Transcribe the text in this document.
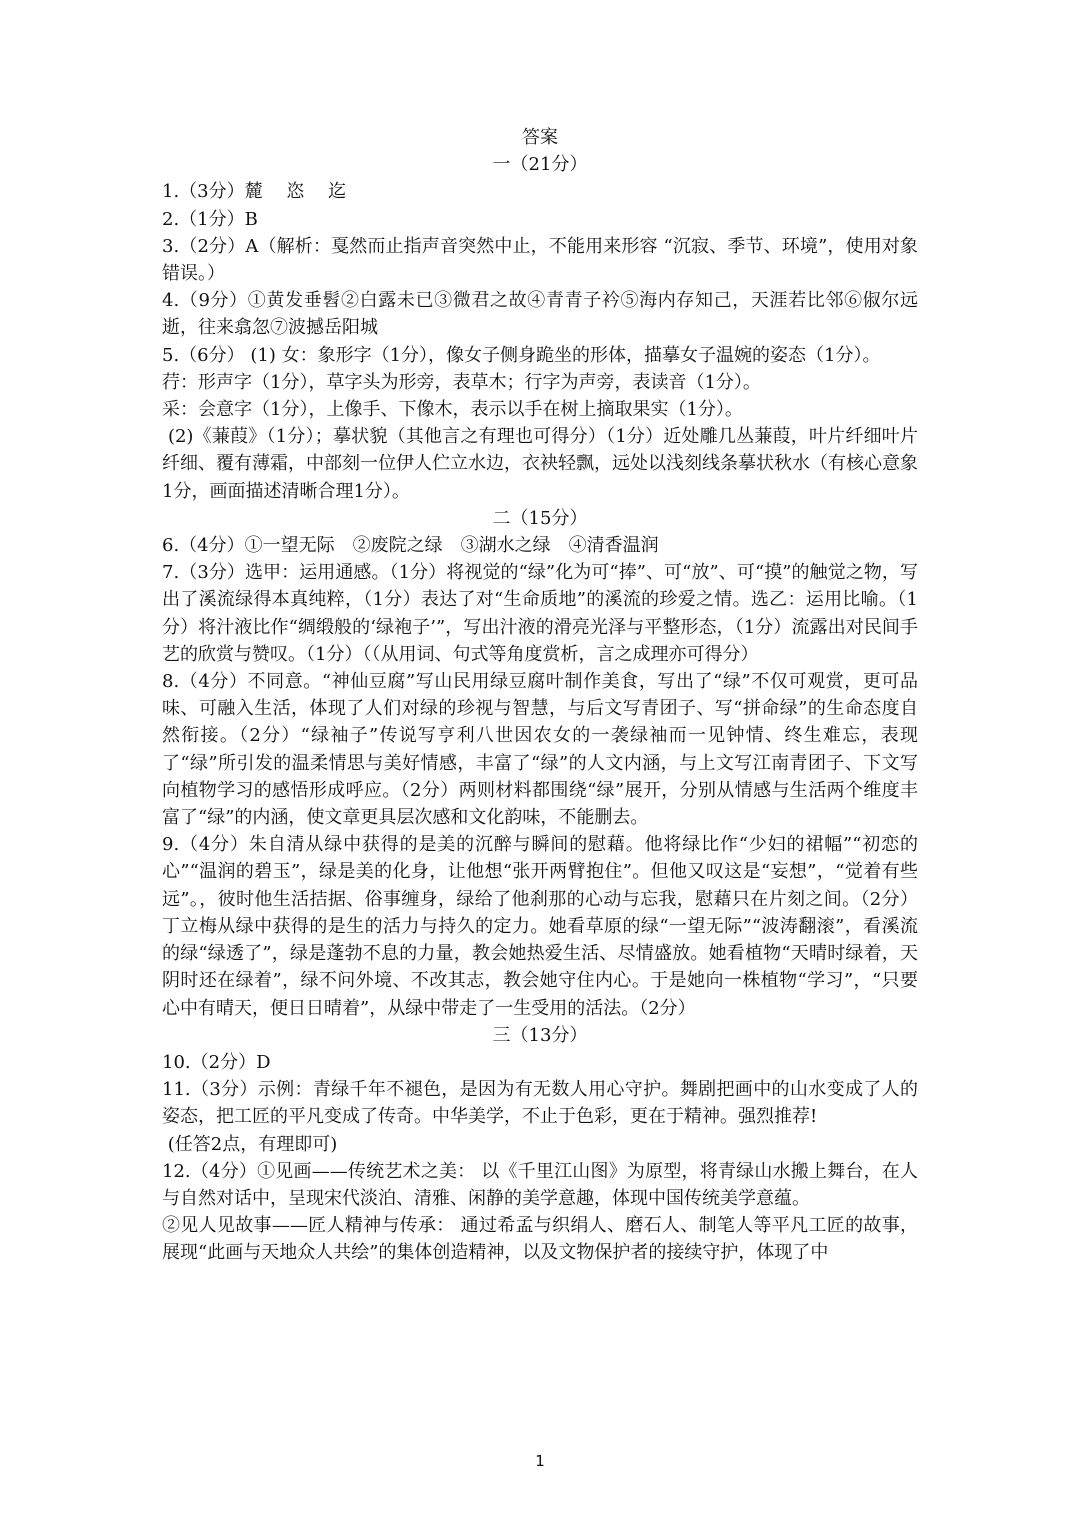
答案
一（21分）
1.（3分）麓　 恣　 迄
2.（1分）B
3.（2分）A（解析：戛然而止指声音突然中止，不能用来形容 “沉寂、季节、环境”，使用对象错误。）
4.（9分）①黄发垂髫②白露未已③微君之故④青青子衿⑤海内存知己，天涯若比邻⑥俶尔远逝，往来翕忽⑦波撼岳阳城
5.（6分） (1) 女：象形字（1分），像女子侧身跪坐的形体，描摹女子温婉的姿态（1分）。
荇：形声字（1分），草字头为形旁，表草木；行字为声旁，表读音（1分）。
采：会意字（1分），上像手、下像木，表示以手在树上摘取果实（1分）。
(2)《蒹葭》（1分）；摹状貌（其他言之有理也可得分）（1分）近处雕几丛蒹葭，叶片纤细叶片纤细、覆有薄霜，中部刻一位伊人伫立水边，衣袂轻飘，远处以浅刻线条摹状秋水（有核心意象1分，画面描述清晰合理1分）。
二（15分）
6.（4分）①一望无际　②废院之绿　③湖水之绿　④清香温润
7.（3分）选甲：运用通感。（1分）将视觉的“绿”化为可“捧”、可“放”、可“摸”的触觉之物，写出了溪流绿得本真纯粹，（1分）表达了对“生命质地”的溪流的珍爱之情。选乙：运用比喻。（1分）将汁液比作“绸缎般的‘绿袍子’”，写出汁液的滑亮光泽与平整形态，（1分）流露出对民间手艺的欣赏与赞叹。（1分）（（从用词、句式等角度赏析，言之成理亦可得分）
8.（4分）不同意。“神仙豆腐”写山民用绿豆腐叶制作美食，写出了“绿”不仅可观赏，更可品味、可融入生活，体现了人们对绿的珍视与智慧，与后文写青团子、写“拼命绿”的生命态度自然衔接。（2分）“绿袖子”传说写亨利八世因农女的一袭绿袖而一见钟情、终生难忘，表现了“绿”所引发的温柔情思与美好情感，丰富了“绿”的人文内涵，与上文写江南青团子、下文写向植物学习的感悟形成呼应。（2分）两则材料都围绕“绿”展开，分别从情感与生活两个维度丰富了“绿”的内涵，使文章更具层次感和文化韵味，不能删去。
9.（4分）朱自清从绿中获得的是美的沉醉与瞬间的慰藉。他将绿比作“少妇的裙幅”“初恋的心”“温润的碧玉”，绿是美的化身，让他想“张开两臂抱住”。但他又叹这是“妄想”，“觉着有些远”。，彼时他生活拮据、俗事缠身，绿给了他刹那的心动与忘我，慰藉只在片刻之间。（2分）丁立梅从绿中获得的是生的活力与持久的定力。她看草原的绿“一望无际”“波涛翻滚”，看溪流的绿“绿透了”，绿是蓬勃不息的力量，教会她热爱生活、尽情盛放。她看植物“天晴时绿着，天阴时还在绿着”，绿不问外境、不改其志，教会她守住内心。于是她向一株植物“学习”，“只要心中有晴天，便日日晴着”，从绿中带走了一生受用的活法。（2分）
三（13分）
10.（2分）D
11.（3分）示例：青绿千年不褪色，是因为有无数人用心守护。舞剧把画中的山水变成了人的姿态，把工匠的平凡变成了传奇。中华美学，不止于色彩，更在于精神。强烈推荐!
(任答2点，有理即可)
12.（4分）①见画——传统艺术之美： 以《千里江山图》为原型，将青绿山水搬上舞台，在人与自然对话中，呈现宋代淡泊、清雅、闲静的美学意趣，体现中国传统美学意蕴。
②见人见故事——匠人精神与传承： 通过希孟与织绢人、磨石人、制笔人等平凡工匠的故事，展现“此画与天地众人共绘”的集体创造精神，以及文物保护者的接续守护，体现了中
1
